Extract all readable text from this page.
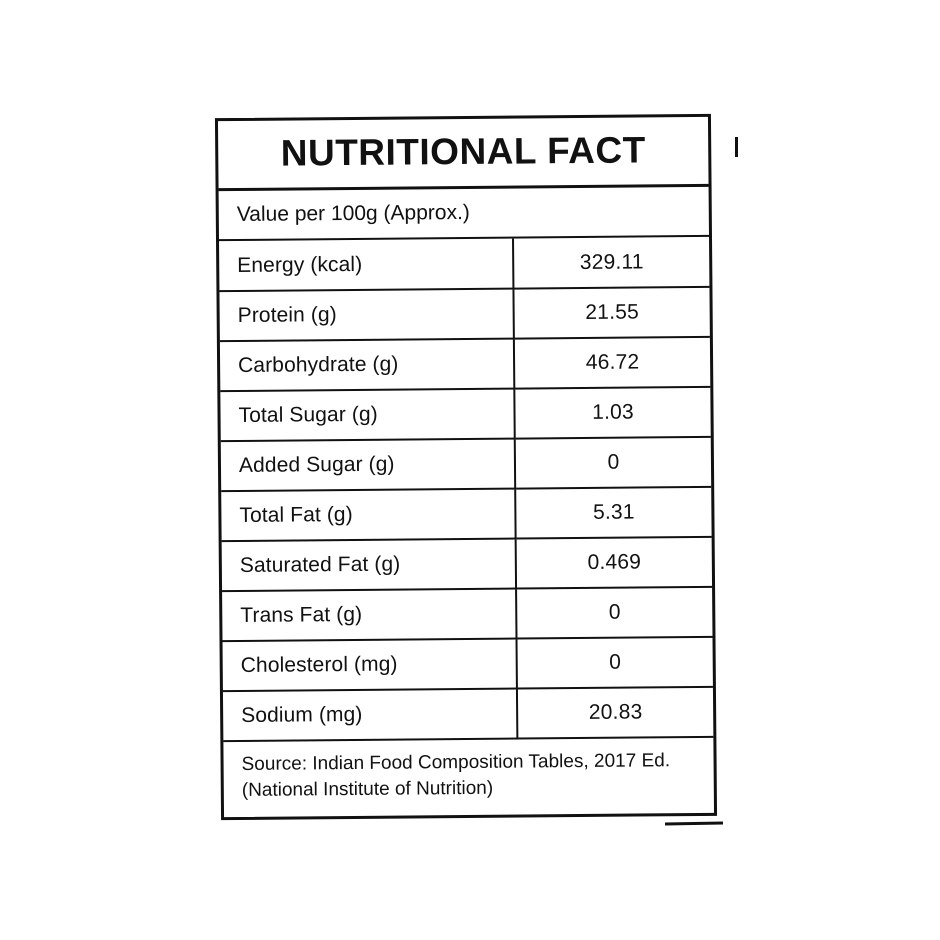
NUTRITIONAL FACT
Value per 100g (Approx.)
Energy (kcal)	329.11
Protein (g)	21.55
Carbohydrate (g)	46.72
Total Sugar (g)	1.03
Added Sugar (g)	0
Total Fat (g)	5.31
Saturated Fat (g)	0.469
Trans Fat (g)	0
Cholesterol (mg)	0
Sodium (mg)	20.83
Source: Indian Food Composition Tables, 2017 Ed. (National Institute of Nutrition)
